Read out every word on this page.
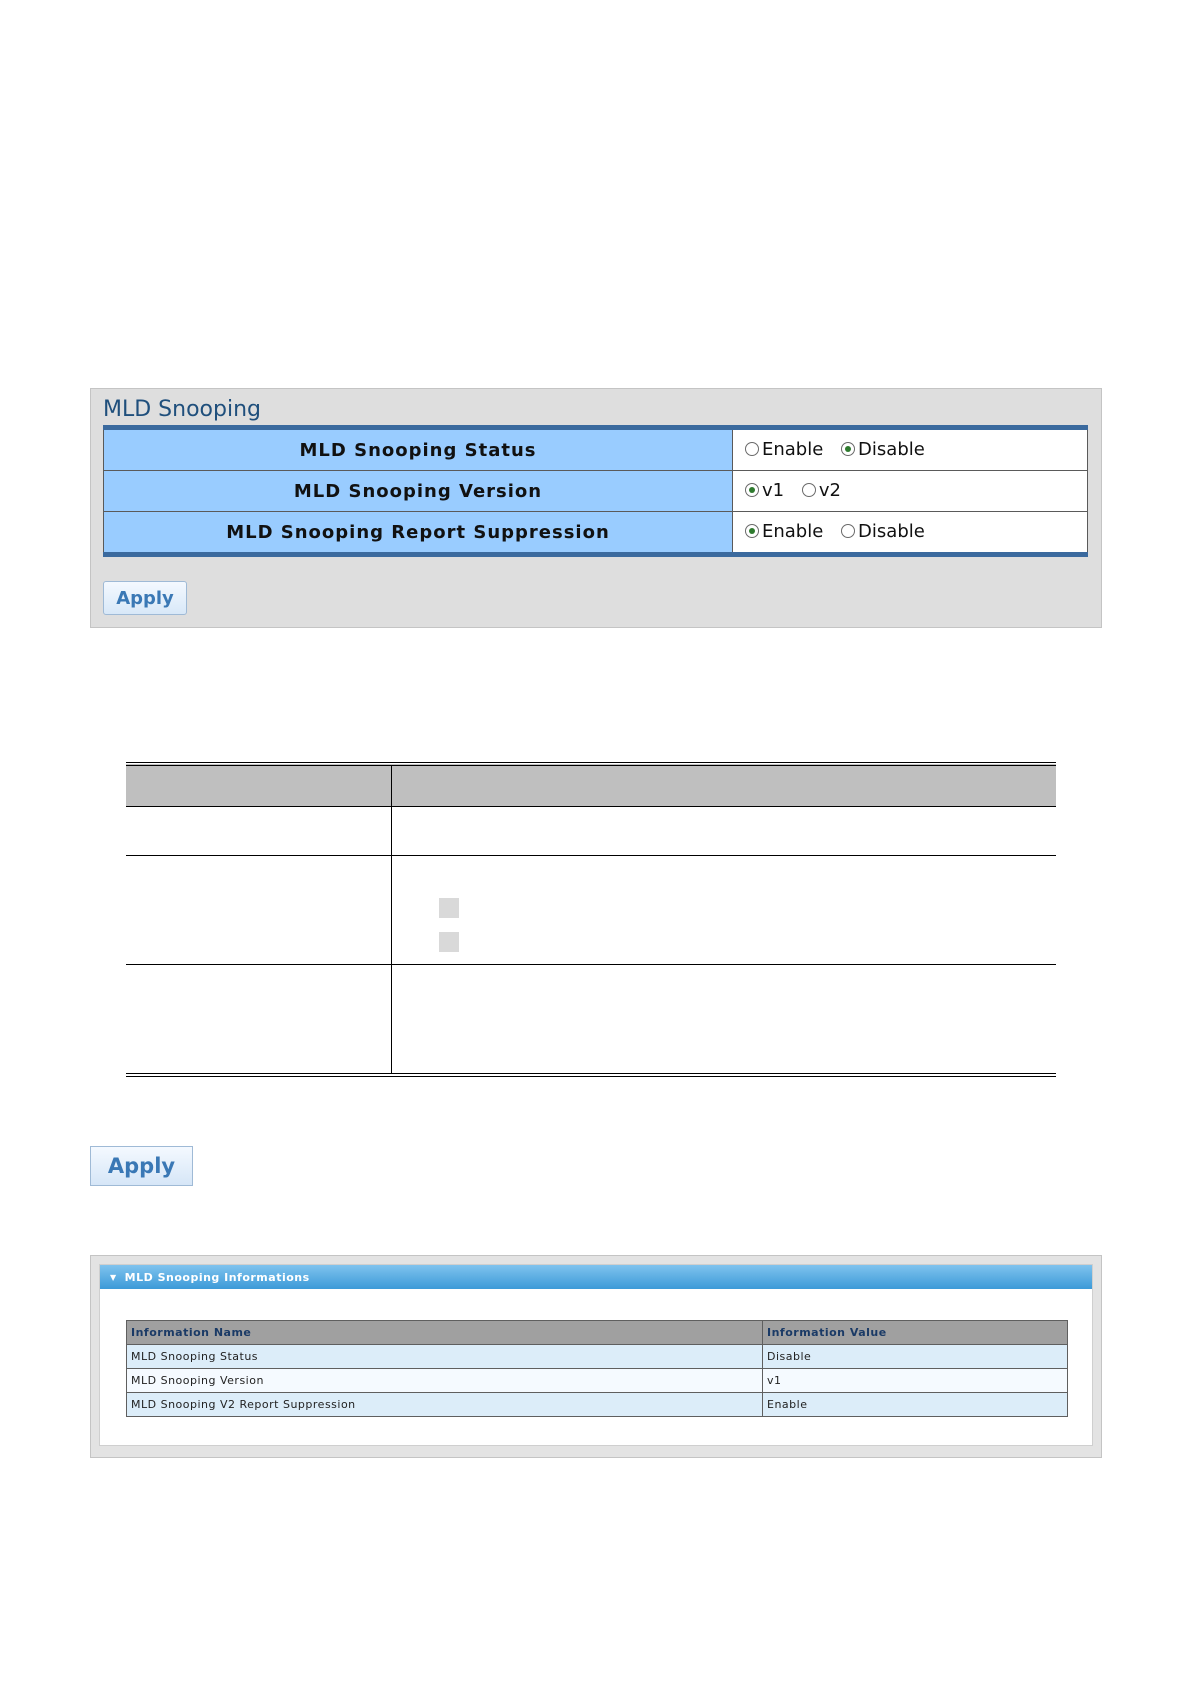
MLD Snooping
MLD Snooping Status	Enable
Disable

MLD Snooping Version	v1
v2

MLD Snooping Report Suppression	Enable
Disable
Apply

Apply
▼ MLD Snooping Informations
Information Name	Information Value
MLD Snooping Status	Disable
MLD Snooping Version	v1
MLD Snooping V2 Report Suppression	Enable
